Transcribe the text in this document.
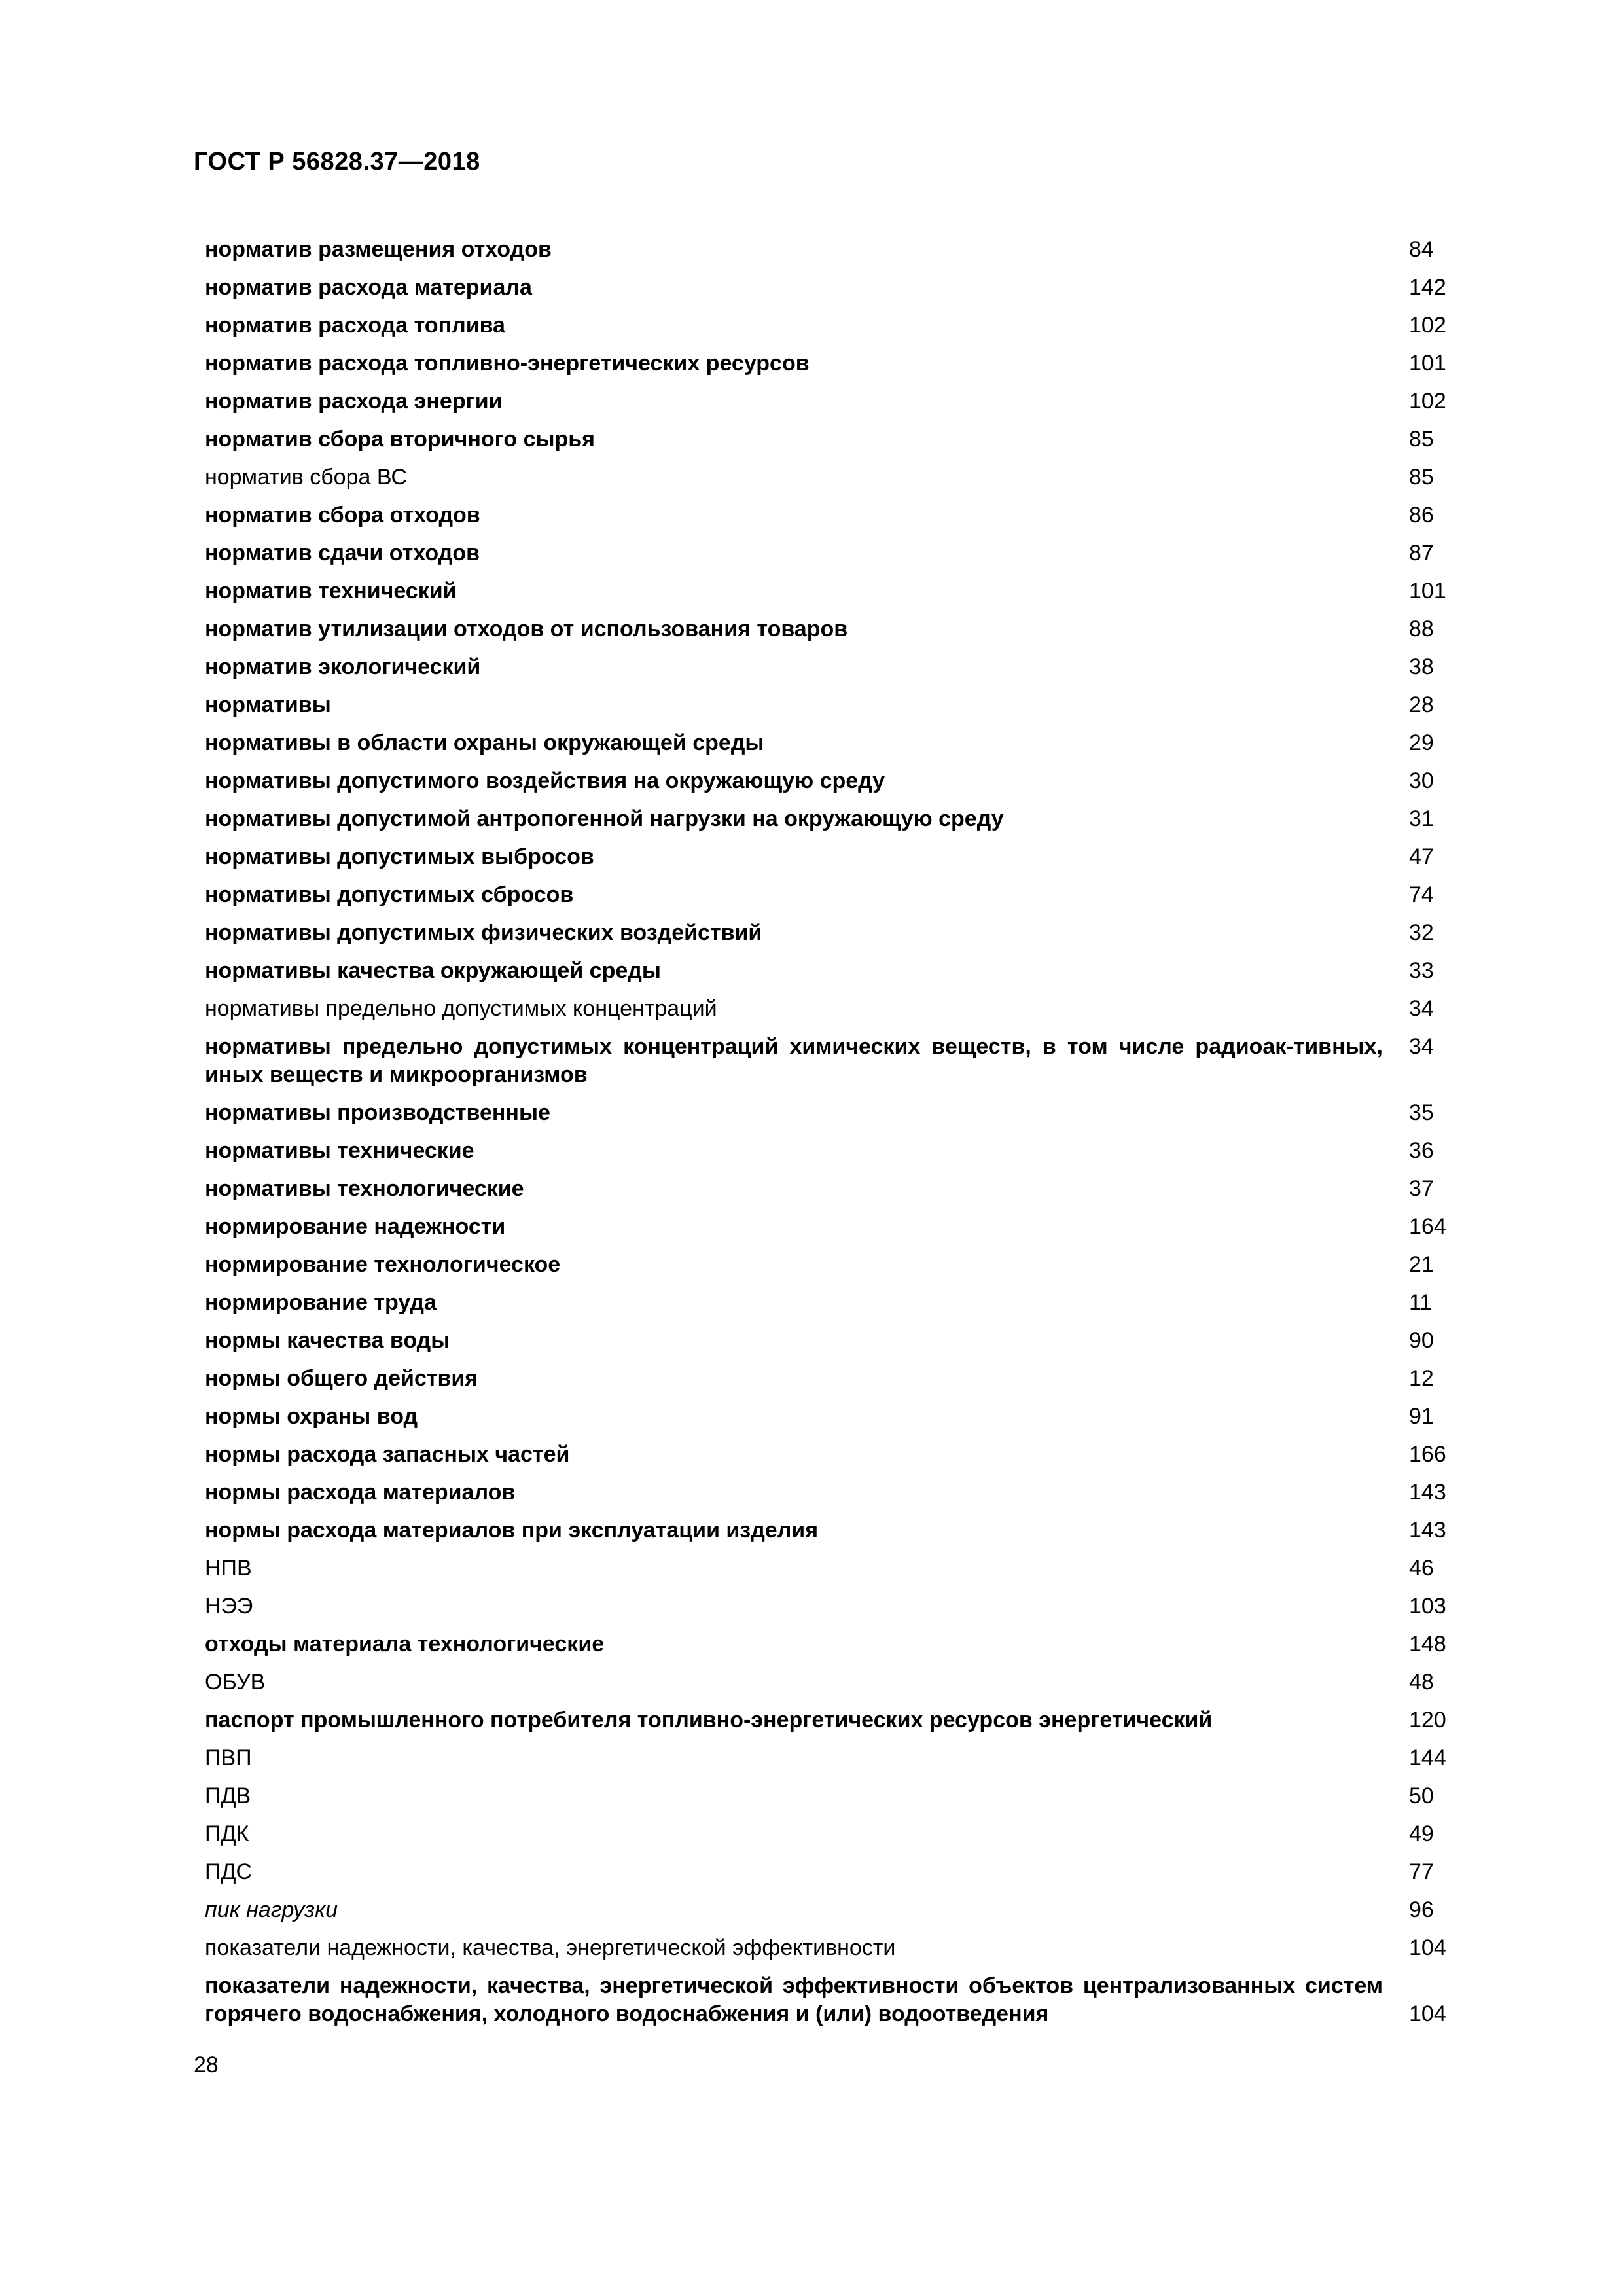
ГОСТ Р 56828.37—2018
норматив размещения отходов	84
норматив расхода материала	142
норматив расхода топлива	102
норматив расхода топливно-энергетических ресурсов	101
норматив расхода энергии	102
норматив сбора вторичного сырья	85
норматив сбора ВС	85
норматив сбора отходов	86
норматив сдачи отходов	87
норматив технический	101
норматив утилизации отходов от использования товаров	88
норматив экологический	38
нормативы	28
нормативы в области охраны окружающей среды	29
нормативы допустимого воздействия на окружающую среду	30
нормативы допустимой антропогенной нагрузки на окружающую среду	31
нормативы допустимых выбросов	47
нормативы допустимых сбросов	74
нормативы допустимых физических воздействий	32
нормативы качества окружающей среды	33
нормативы предельно допустимых концентраций	34
нормативы предельно допустимых концентраций химических веществ, в том числе радиоак-тивных, иных веществ и микроорганизмов
34
нормативы производственные	35
нормативы технические	36
нормативы технологические	37
нормирование надежности	164
нормирование технологическое	21
нормирование труда	11
нормы качества воды	90
нормы общего действия	12
нормы охраны вод	91
нормы расхода запасных частей	166
нормы расхода материалов	143
нормы расхода материалов при эксплуатации изделия	143
НПВ	46
НЭЭ	103
отходы материала технологические	148
ОБУВ	48
паспорт промышленного потребителя топливно-энергетических ресурсов энергетический	120
ПВП	144
ПДВ	50
ПДК	49
ПДС	77
пик нагрузки	96
показатели надежности, качества, энергетической эффективности	104
показатели надежности, качества, энергетической эффективности объектов централизованных систем горячего водоснабжения, холодного водоснабжения и (или) водоотведения	104
28
